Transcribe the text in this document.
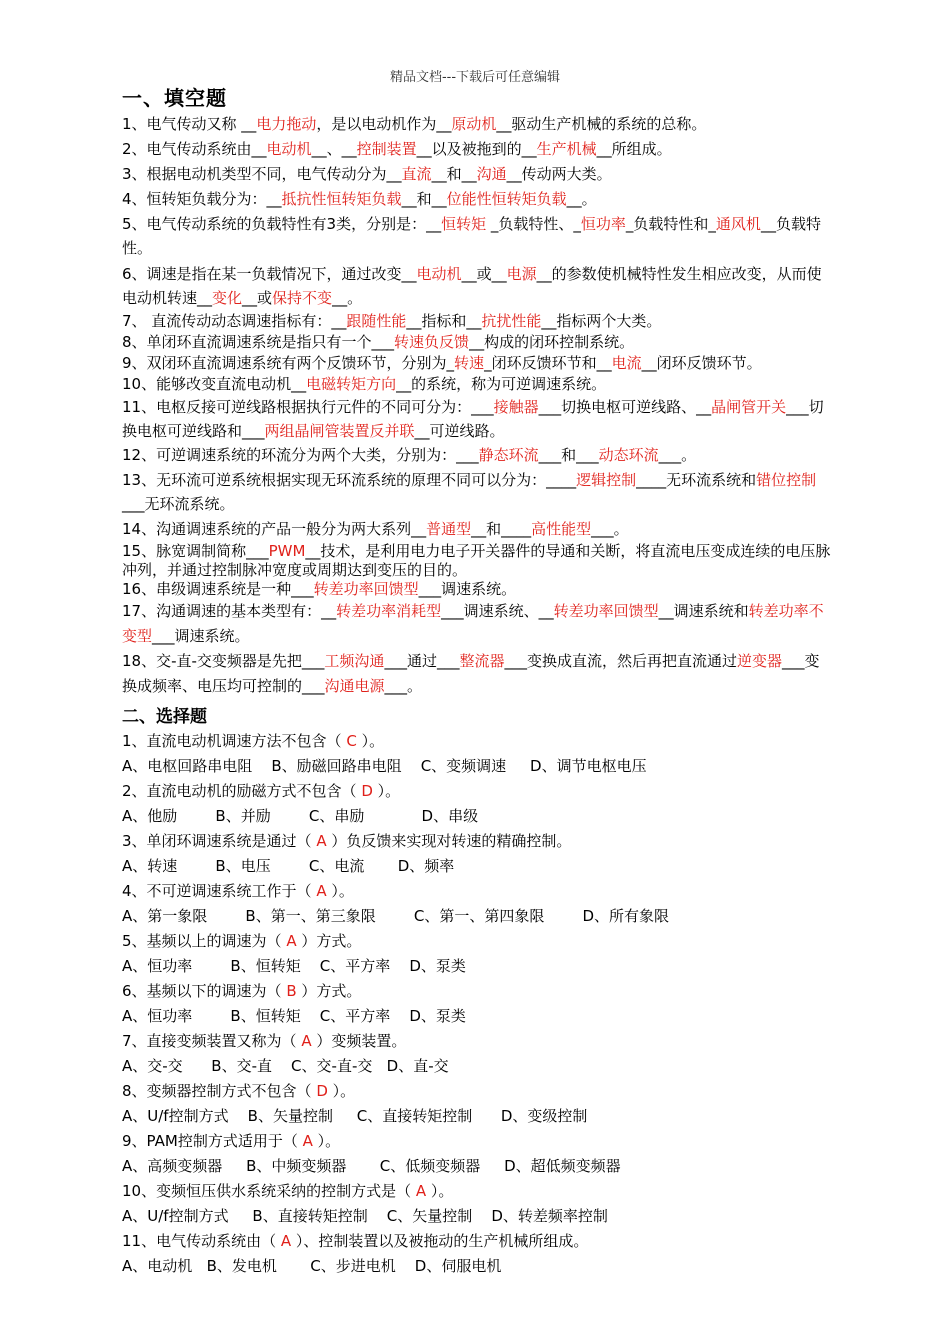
精品文档---下载后可任意编辑
一、填空题
1、电气传动又称 __电力拖动，是以电动机作为__原动机__驱动生产机械的系统的总称。
2、电气传动系统由__电动机__、__控制装置__以及被拖到的__生产机械__所组成。
3、根据电动机类型不同，电气传动分为__直流__和__沟通__传动两大类。
4、恒转矩负载分为：__抵抗性恒转矩负载__和__位能性恒转矩负载__。
5、电气传动系统的负载特性有3类，分别是：__恒转矩 _负载特性、_恒功率_负载特性和_通风机__负载特性。
6、调速是指在某一负载情况下，通过改变__电动机__或__电源__的参数使机械特性发生相应改变，从而使电动机转速__变化__或保持不变__。
7、 直流传动动态调速指标有：__跟随性能__指标和__抗扰性能__指标两个大类。
8、单闭环直流调速系统是指只有一个___转速负反馈__构成的闭环控制系统。
9、双闭环直流调速系统有两个反馈环节，分别为_转速_闭环反馈环节和__电流__闭环反馈环节。
10、能够改变直流电动机__电磁转矩方向__的系统，称为可逆调速系统。
11、电枢反接可逆线路根据执行元件的不同可分为：___接触器___切换电枢可逆线路、__晶闸管开关___切换电枢可逆线路和___两组晶闸管装置反并联__可逆线路。
12、可逆调速系统的环流分为两个大类，分别为：___静态环流___和___动态环流___。
13、无环流可逆系统根据实现无环流系统的原理不同可以分为：____逻辑控制____无环流系统和错位控制___无环流系统。
14、沟通调速系统的产品一般分为两大系列__普通型__和____高性能型___。
15、脉宽调制简称___PWM__技术，是利用电力电子开关器件的导通和关断，将直流电压变成连续的电压脉冲列，并通过控制脉冲宽度或周期达到变压的目的。
16、串级调速系统是一种___转差功率回馈型___调速系统。
17、沟通调速的基本类型有：__转差功率消耗型___调速系统、__转差功率回馈型__调速系统和转差功率不变型___调速系统。
18、交-直-交变频器是先把___工频沟通___通过___整流器___变换成直流，然后再把直流通过逆变器___变换成频率、电压均可控制的___沟通电源___。
二、选择题
1、直流电动机调速方法不包含（ C ）。
A、电枢回路串电阻    B、励磁回路串电阻    C、变频调速     D、调节电枢电压
2、直流电动机的励磁方式不包含（ D ）。
A、他励        B、并励        C、串励            D、串级
3、单闭环调速系统是通过（ A ）负反馈来实现对转速的精确控制。
A、转速        B、电压        C、电流       D、频率
4、不可逆调速系统工作于（ A ）。
A、第一象限        B、第一、第三象限        C、第一、第四象限        D、所有象限
5、基频以上的调速为（ A ）方式。
A、恒功率        B、恒转矩    C、平方率    D、泵类
6、基频以下的调速为（ B ）方式。
A、恒功率        B、恒转矩    C、平方率    D、泵类
7、直接变频装置又称为（ A ）变频装置。
A、交-交      B、交-直    C、交-直-交   D、直-交
8、变频器控制方式不包含（ D ）。
A、U/f控制方式    B、矢量控制     C、直接转矩控制      D、变级控制
9、PAM控制方式适用于（ A ）。
A、高频变频器     B、中频变频器       C、低频变频器     D、超低频变频器
10、变频恒压供水系统采纳的控制方式是（ A ）。
A、U/f控制方式     B、直接转矩控制    C、矢量控制    D、转差频率控制
11、电气传动系统由（ A ）、控制装置以及被拖动的生产机械所组成。
A、电动机   B、发电机       C、步进电机    D、伺服电机
